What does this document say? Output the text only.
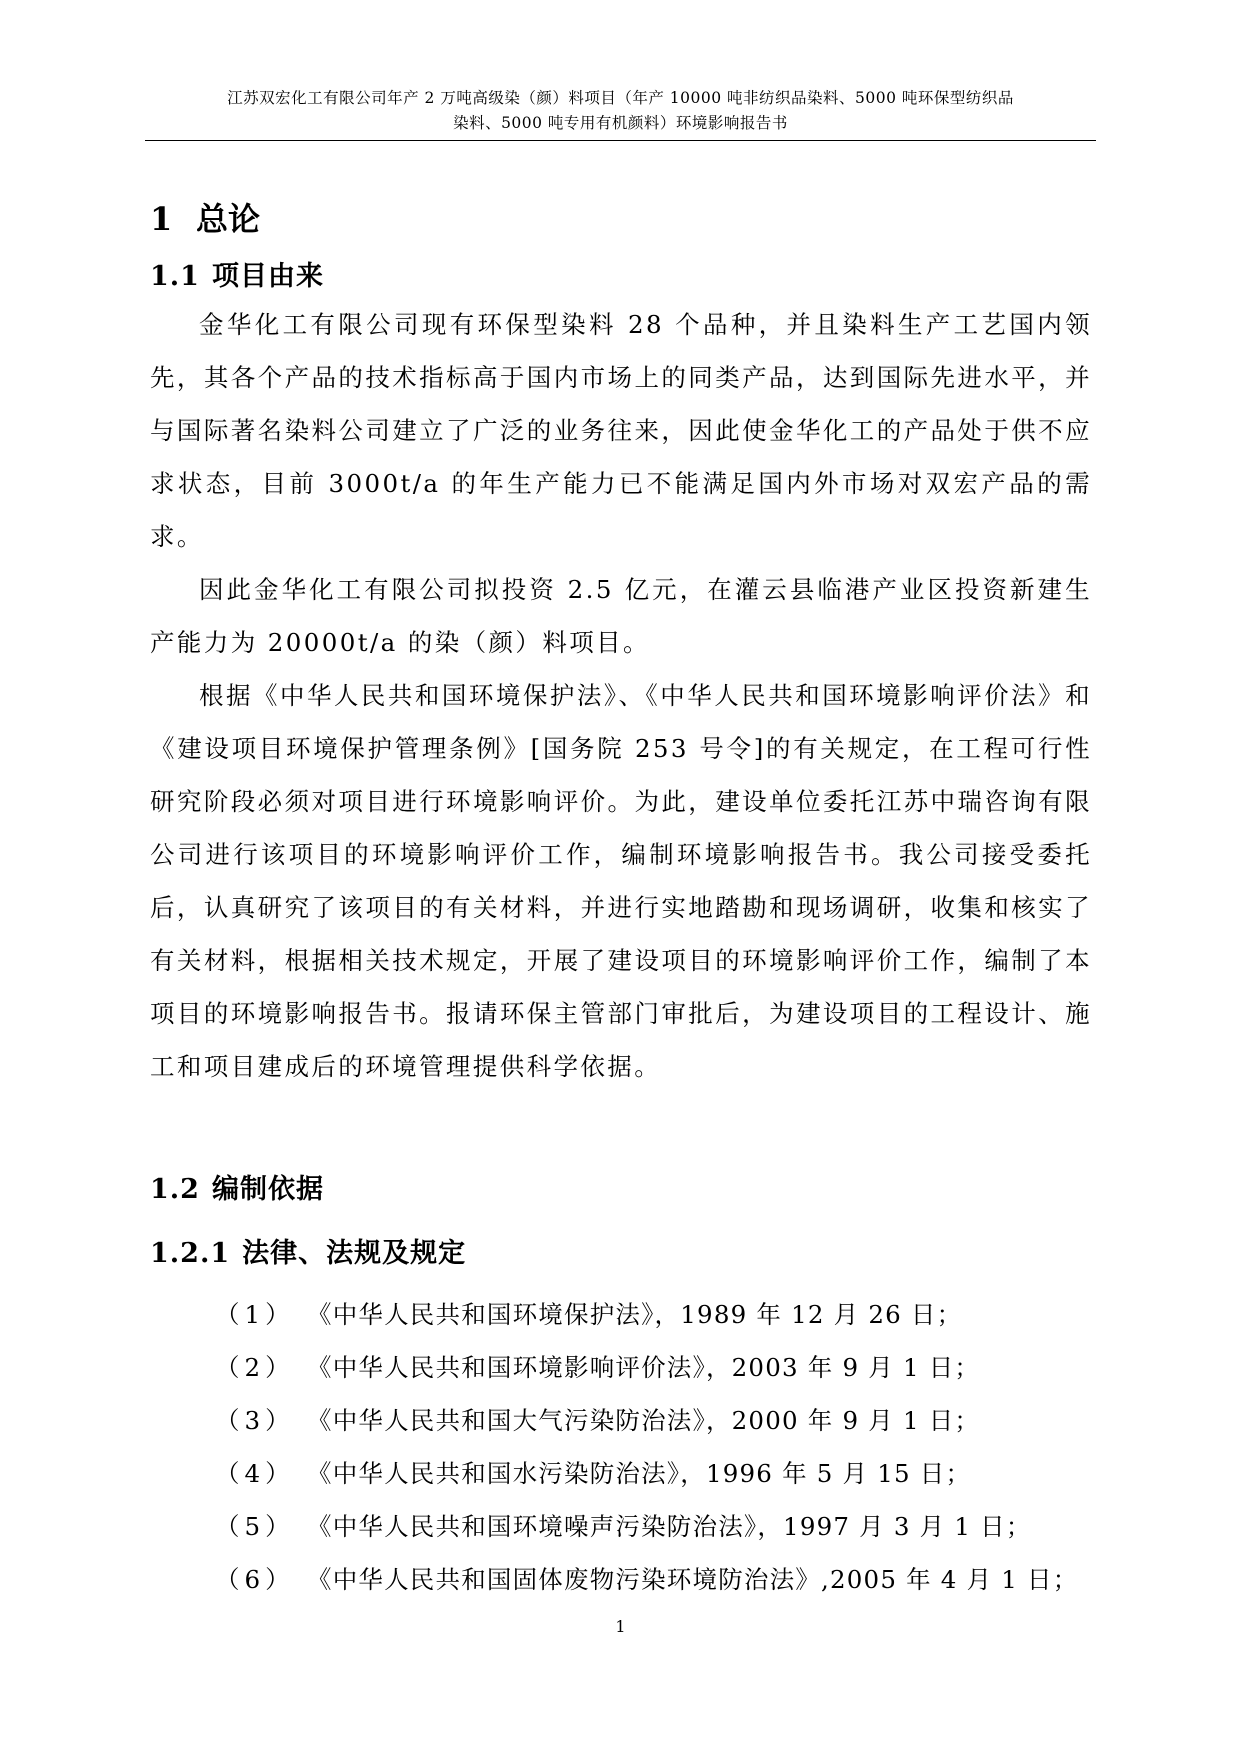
江苏双宏化工有限公司年产 2 万吨高级染（颜）料项目（年产 10000 吨非纺织品染料、5000 吨环保型纺织品
染料、5000 吨专用有机颜料）环境影响报告书
1 总论
1.1 项目由来

金华化工有限公司现有环保型染料 28 个品种，并且染料生产工艺国内领先，其各个产品的技术指标高于国内市场上的同类产品，达到国际先进水平，并与国际著名染料公司建立了广泛的业务往来，因此使金华化工的产品处于供不应求状态，目前 3000t/a 的年生产能力已不能满足国内外市场对双宏产品的需求。

因此金华化工有限公司拟投资 2.5 亿元，在灌云县临港产业区投资新建生产能力为 20000t/a 的染（颜）料项目。

根据《中华人民共和国环境保护法》、《中华人民共和国环境影响评价法》和《建设项目环境保护管理条例》[国务院 253 号令]的有关规定，在工程可行性研究阶段必须对项目进行环境影响评价。为此，建设单位委托江苏中瑞咨询有限公司进行该项目的环境影响评价工作，编制环境影响报告书。我公司接受委托后，认真研究了该项目的有关材料，并进行实地踏勘和现场调研，收集和核实了有关材料，根据相关技术规定，开展了建设项目的环境影响评价工作，编制了本项目的环境影响报告书。报请环保主管部门审批后，为建设项目的工程设计、施工和项目建成后的环境管理提供科学依据。

1.2 编制依据
1.2.1 法律、法规及规定
（1） 《中华人民共和国环境保护法》，1989 年 12 月 26 日；
（2） 《中华人民共和国环境影响评价法》，2003 年 9 月 1 日；
（3） 《中华人民共和国大气污染防治法》，2000 年 9 月 1 日；
（4） 《中华人民共和国水污染防治法》，1996 年 5 月 15 日；
（5） 《中华人民共和国环境噪声污染防治法》，1997 月 3 月 1 日；
（6） 《中华人民共和国固体废物污染环境防治法》,2005 年 4 月 1 日；
1
